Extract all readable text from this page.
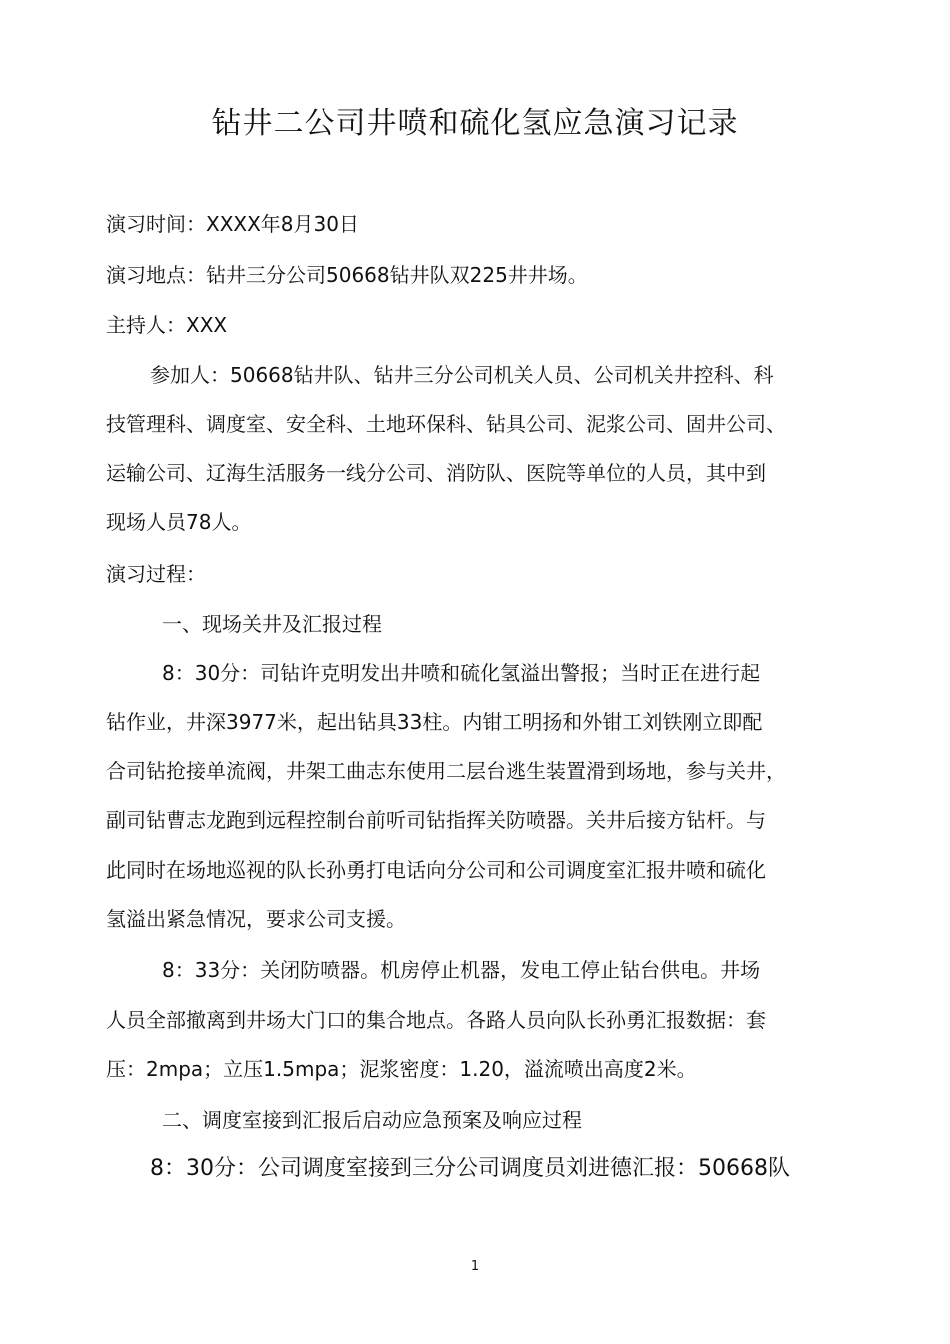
钻井二公司井喷和硫化氢应急演习记录
演习时间：XXXX年8月30日
演习地点：钻井三分公司50668钻井队双225井井场。
主持人：XXX
参加人：50668钻井队、钻井三分公司机关人员、公司机关井控科、科
技管理科、调度室、安全科、土地环保科、钻具公司、泥浆公司、固井公司、
运输公司、辽海生活服务一线分公司、消防队、医院等单位的人员，其中到
现场人员78人。
演习过程：
一、现场关井及汇报过程
8：30分：司钻许克明发出井喷和硫化氢溢出警报；当时正在进行起
钻作业，井深3977米，起出钻具33柱。内钳工明扬和外钳工刘铁刚立即配
合司钻抢接单流阀，井架工曲志东使用二层台逃生装置滑到场地，参与关井，
副司钻曹志龙跑到远程控制台前听司钻指挥关防喷器。关井后接方钻杆。与
此同时在场地巡视的队长孙勇打电话向分公司和公司调度室汇报井喷和硫化
氢溢出紧急情况，要求公司支援。
8：33分：关闭防喷器。机房停止机器，发电工停止钻台供电。井场
人员全部撤离到井场大门口的集合地点。各路人员向队长孙勇汇报数据：套
压：2mpa；立压1.5mpa；泥浆密度：1.20，溢流喷出高度2米。
二、调度室接到汇报后启动应急预案及响应过程
8：30分：公司调度室接到三分公司调度员刘进德汇报：50668队
1
